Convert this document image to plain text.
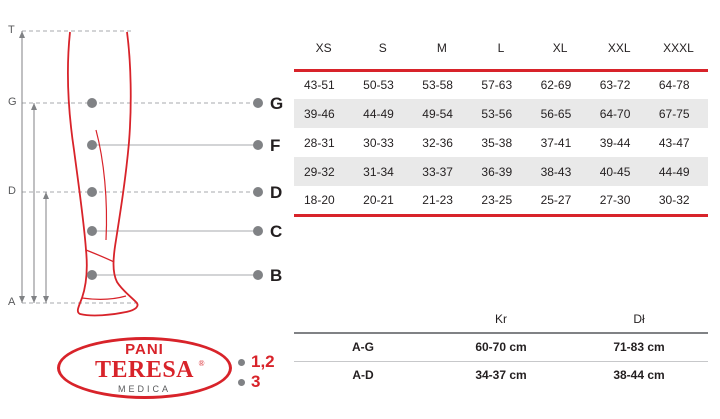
T
G
D
A
G
F
D
C
B
PANI
TERESA ®
MEDICA
1,2
3
XS	S	M	L	XL	XXL	XXXL
43-51	50-53	53-58	57-63	62-69	63-72	64-78
39-46	44-49	49-54	53-56	56-65	64-70	67-75
28-31	30-33	32-36	35-38	37-41	39-44	43-47
29-32	31-34	33-37	36-39	38-43	40-45	44-49
18-20	20-21	21-23	23-25	25-27	27-30	30-32
	Kr	Dł
A-G	60-70 cm	71-83 cm
A-D	34-37 cm	38-44 cm
